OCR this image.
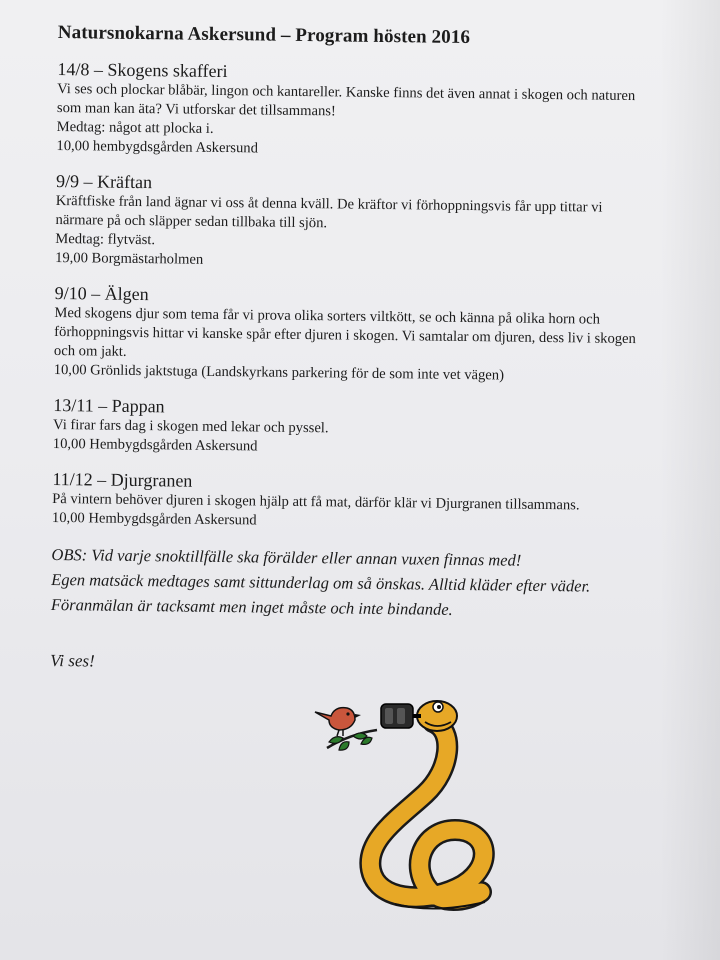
Natursnokarna Askersund – Program hösten 2016

14/8 – Skogens skafferi

Vi ses och plockar blåbär, lingon och kantareller. Kanske finns det även annat i skogen och naturen

som man kan äta? Vi utforskar det tillsammans!

Medtag: något att plocka i.

10,00 hembygdsgården Askersund

9/9 – Kräftan

Kräftfiske från land ägnar vi oss åt denna kväll. De kräftor vi förhoppningsvis får upp tittar vi

närmare på och släpper sedan tillbaka till sjön.

Medtag: flytväst.

19,00 Borgmästarholmen

9/10 – Älgen

Med skogens djur som tema får vi prova olika sorters viltkött, se och känna på olika horn och

förhoppningsvis hittar vi kanske spår efter djuren i skogen. Vi samtalar om djuren, dess liv i skogen

och om jakt.

10,00 Grönlids jaktstuga (Landskyrkans parkering för de som inte vet vägen)

13/11 – Pappan

Vi firar fars dag i skogen med lekar och pyssel.

10,00 Hembygdsgården Askersund

11/12 – Djurgranen

På vintern behöver djuren i skogen hjälp att få mat, därför klär vi Djurgranen tillsammans.

10,00 Hembygdsgården Askersund

OBS: Vid varje snoktillfälle ska förälder eller annan vuxen finnas med!

Egen matsäck medtages samt sittunderlag om så önskas. Alltid kläder efter väder.

Föranmälan är tacksamt men inget måste och inte bindande.

Vi ses!
